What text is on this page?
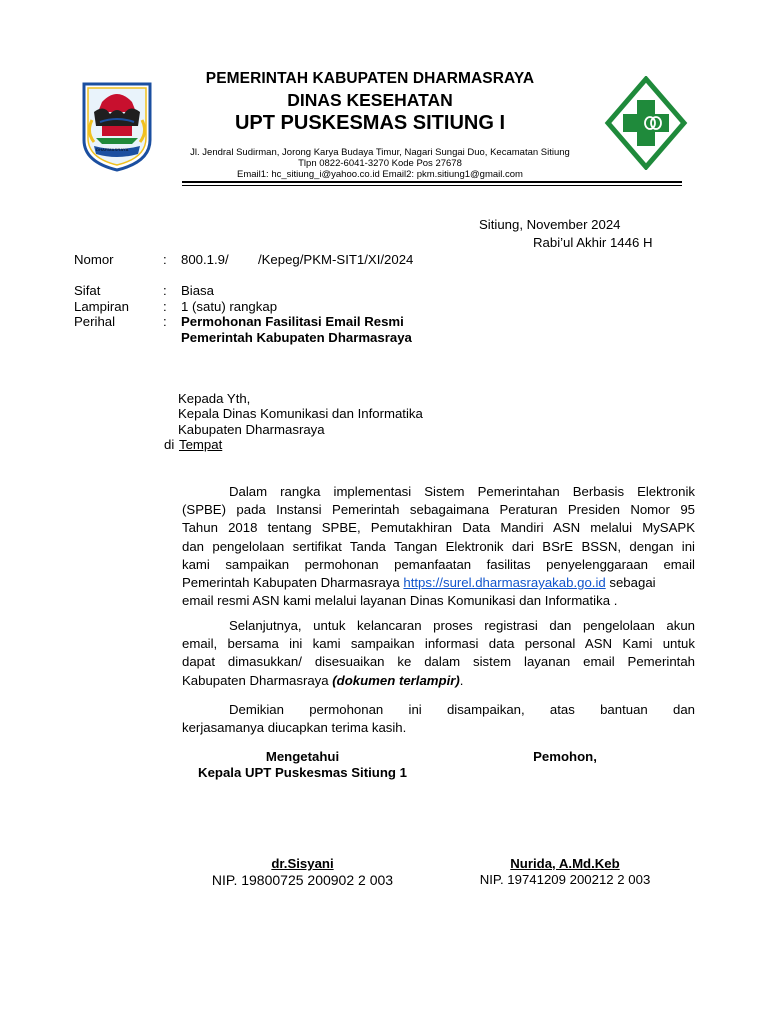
DHARMASRAYA
PEMERINTAH KABUPATEN DHARMASRAYA
DINAS KESEHATAN
UPT PUSKESMAS SITIUNG I
Jl. Jendral Sudirman, Jorong Karya Budaya Timur, Nagari Sungai Duo, Kecamatan Sitiung
Tlpn 0822-6041-3270 Kode Pos 27678
Email1: hc_sitiung_i@yahoo.co.id Email2: pkm.sitiung1@gmail.com
Sitiung, November 2024
Rabi’ul Akhir 1446 H
Nomor	: 800.1.9/        /Kepeg/PKM-SIT1/XI/2024
Sifat	: Biasa
Lampiran	: 1 (satu) rangkap
Perihal	: Permohonan Fasilitasi Email Resmi
Pemerintah Kabupaten Dharmasraya
Kepada Yth,
Kepala Dinas Komunikasi dan Informatika
Kabupaten Dharmasraya
di Tempat
Dalam rangka implementasi Sistem Pemerintahan Berbasis Elektronik
(SPBE) pada Instansi Pemerintah sebagaimana Peraturan Presiden Nomor 95
Tahun 2018 tentang SPBE, Pemutakhiran Data Mandiri ASN melalui MySAPK
dan pengelolaan sertifikat Tanda Tangan Elektronik dari BSrE BSSN, dengan ini
kami sampaikan permohonan pemanfaatan fasilitas penyelenggaraan email
Pemerintah Kabupaten Dharmasraya https://surel.dharmasrayakab.go.id sebagai
email resmi ASN kami melalui layanan Dinas Komunikasi dan Informatika .
Selanjutnya, untuk kelancaran proses registrasi dan pengelolaan akun
email, bersama ini kami sampaikan informasi data personal ASN Kami untuk
dapat dimasukkan/ disesuaikan ke dalam sistem layanan email Pemerintah
Kabupaten Dharmasraya (dokumen terlampir).
Demikian permohonan ini disampaikan, atas bantuan dan
kerjasamanya diucapkan terima kasih.
Mengetahui
Kepala UPT Puskesmas Sitiung 1
dr.Sisyani
NIP. 19800725 200902 2 003
Pemohon,
Nurida, A.Md.Keb
NIP. 19741209 200212 2 003
